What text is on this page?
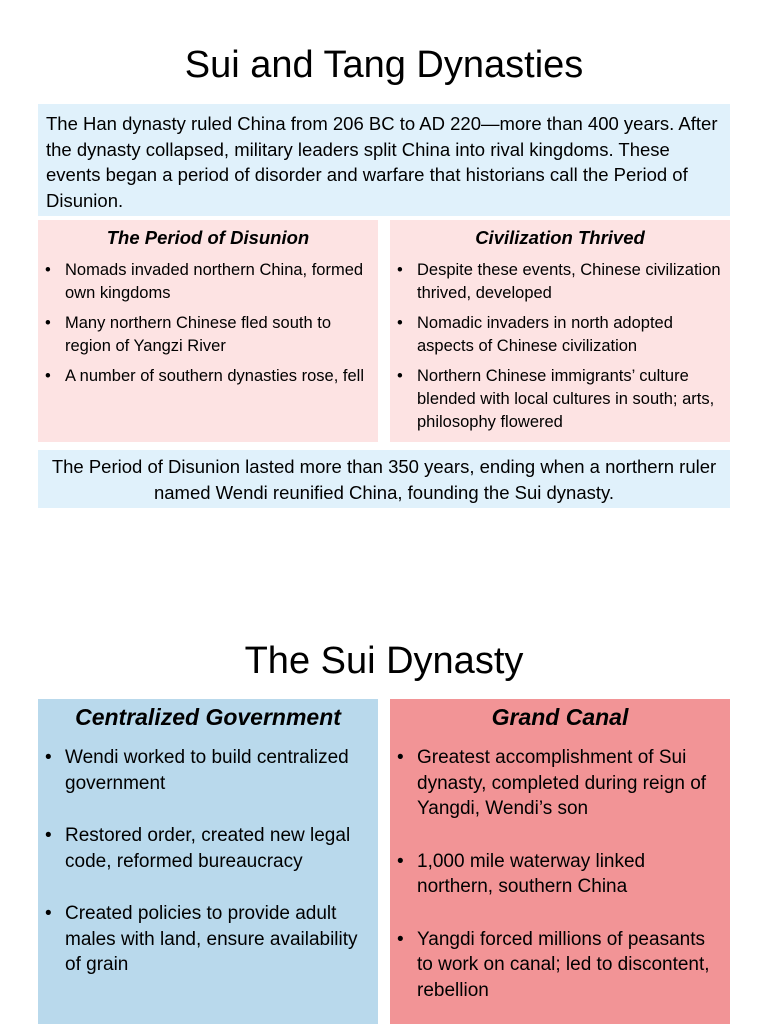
Sui and Tang Dynasties
The Han dynasty ruled China from 206 BC to AD 220—more than 400 years. After the dynasty collapsed, military leaders split China into rival kingdoms. These events began a period of disorder and warfare that historians call the Period of Disunion.
The Period of Disunion
• Nomads invaded northern China, formed own kingdoms
• Many northern Chinese fled south to region of Yangzi River
• A number of southern dynasties rose, fell
Civilization Thrived
• Despite these events, Chinese civilization thrived, developed
• Nomadic invaders in north adopted aspects of Chinese civilization
• Northern Chinese immigrants’ culture blended with local cultures in south; arts, philosophy flowered
The Period of Disunion lasted more than 350 years, ending when a northern ruler named Wendi reunified China, founding the Sui dynasty.
The Sui Dynasty
Centralized Government
• Wendi worked to build centralized government
• Restored order, created new legal code, reformed bureaucracy
• Created policies to provide adult males with land, ensure availability of grain
Grand Canal
• Greatest accomplishment of Sui dynasty, completed during reign of Yangdi, Wendi’s son
• 1,000 mile waterway linked northern, southern China
• Yangdi forced millions of peasants to work on canal; led to discontent, rebellion
